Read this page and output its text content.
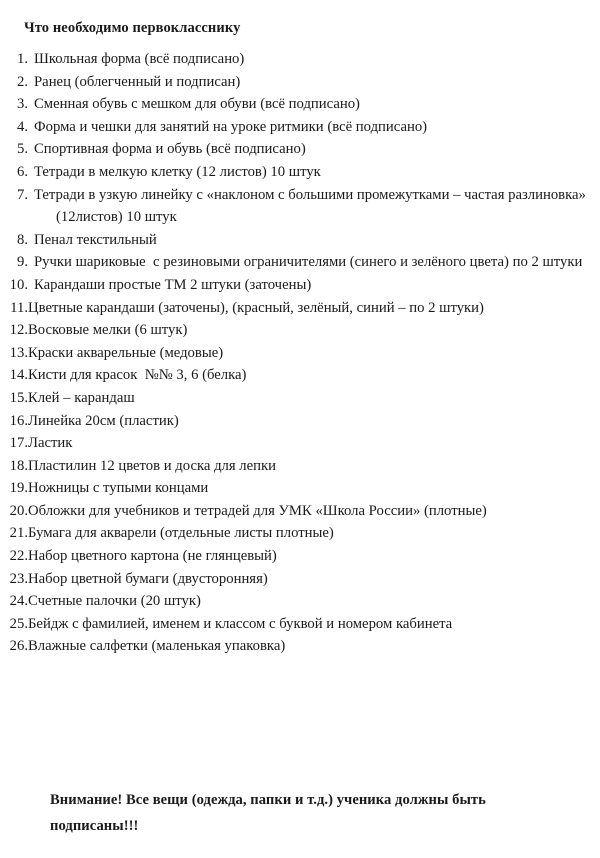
Что необходимо первокласснику

1. Школьная форма (всё подписано)

2. Ранец (облегченный и подписан)

3. Сменная обувь с мешком для обуви (всё подписано)

4. Форма и чешки для занятий на уроке ритмики (всё подписано)

5. Спортивная форма и обувь (всё подписано)

6. Тетради в мелкую клетку (12 листов) 10 штук

7. Тетради в узкую линейку с «наклоном с большими промежутками – частая разлиновка» (12листов) 10 штук

8. Пенал текстильный

9. Ручки шариковые  с резиновыми ограничителями (синего и зелёного цвета) по 2 штуки

10. Карандаши простые ТМ 2 штуки (заточены)

11.Цветные карандаши (заточены), (красный, зелёный, синий – по 2 штуки)

12.Восковые мелки (6 штук)

13.Краски акварельные (медовые)

14.Кисти для красок  №№ 3, 6 (белка)

15.Клей – карандаш

16.Линейка 20см (пластик)

17.Ластик

18.Пластилин 12 цветов и доска для лепки

19.Ножницы с тупыми концами

20.Обложки для учебников и тетрадей для УМК «Школа России» (плотные)

21.Бумага для акварели (отдельные листы плотные)

22.Набор цветного картона (не глянцевый)

23.Набор цветной бумаги (двусторонняя)

24.Счетные палочки (20 штук)

25.Бейдж с фамилией, именем и классом с буквой и номером кабинета

26.Влажные салфетки (маленькая упаковка)

Внимание! Все вещи (одежда, папки и т.д.) ученика должны быть подписаны!!!
